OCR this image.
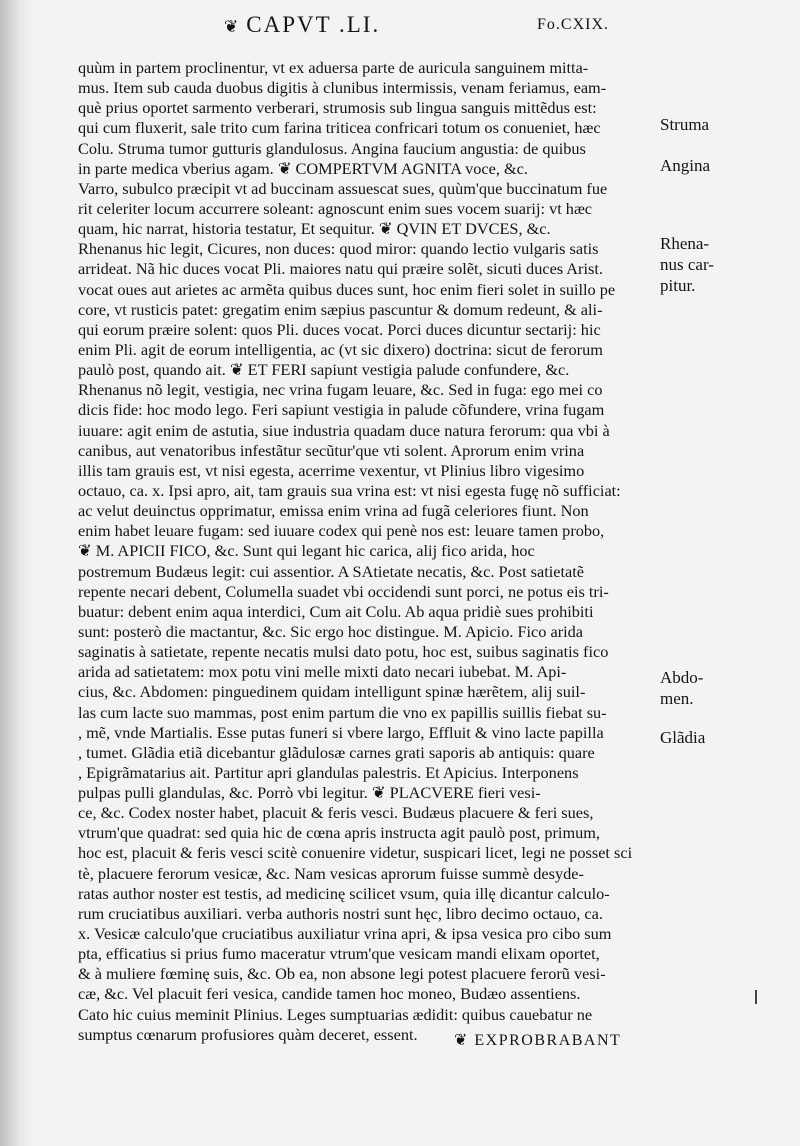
❦ CAPVT .LI.	Fo.CXIX.
quùm in partem proclinentur, vt ex aduersa parte de auricula sanguinem mitta-
mus. Item sub cauda duobus digitis à clunibus intermissis, venam feriamus, eam-
què prius oportet sarmento verberari, strumosis sub lingua sanguis mittẽdus est:
qui cum fluxerit, sale trito cum farina triticea confricari totum os conueniet, hæc
Colu. Struma tumor gutturis glandulosus. Angina faucium angustia: de quibus
in parte medica vberius agam. ❦ COMPERTVM AGNITA voce, &c.
Varro, subulco præcipit vt ad buccinam assuescat sues, quùm'que buccinatum fue
rit celeriter locum accurrere soleant: agnoscunt enim sues vocem suarij: vt hæc
quam, hic narrat, historia testatur, Et sequitur. ❦ QVIN ET DVCES, &c.
Rhenanus hic legit, Cicures, non duces: quod miror: quando lectio vulgaris satis
arrideat. Nã hic duces vocat Pli. maiores natu qui præire solẽt, sicuti duces Arist.
vocat oues aut arietes ac armẽta quibus duces sunt, hoc enim fieri solet in suillo pe
core, vt rusticis patet: gregatim enim sæpius pascuntur & domum redeunt, & ali-
qui eorum præire solent: quos Pli. duces vocat. Porci duces dicuntur sectarij: hic
enim Pli. agit de eorum intelligentia, ac (vt sic dixero) doctrina: sicut de ferorum
paulò post, quando ait. ❦ ET FERI sapiunt vestigia palude confundere, &c.
Rhenanus nõ legit, vestigia, nec vrina fugam leuare, &c. Sed in fuga: ego mei co
dicis fide: hoc modo lego. Feri sapiunt vestigia in palude cõfundere, vrina fugam
iuuare: agit enim de astutia, siue industria quadam duce natura ferorum: qua vbi à
canibus, aut venatoribus infestãtur secũtur'que vti solent. Aprorum enim vrina
illis tam grauis est, vt nisi egesta, acerrime vexentur, vt Plinius libro vigesimo
octauo, ca. x. Ipsi apro, ait, tam grauis sua vrina est: vt nisi egesta fugę nõ sufficiat:
ac velut deuinctus opprimatur, emissa enim vrina ad fugã celeriores fiunt. Non
enim habet leuare fugam: sed iuuare codex qui penè nos est: leuare tamen probo,
❦ M. APICII FICO, &c. Sunt qui legant hic carica, alij fico arida, hoc
postremum Budæus legit: cui assentior. A SAtietate necatis, &c. Post satietatẽ
repente necari debent, Columella suadet vbi occidendi sunt porci, ne potus eis tri-
buatur: debent enim aqua interdici, Cum ait Colu. Ab aqua pridiè sues prohibiti
sunt: posterò die mactantur, &c. Sic ergo hoc distingue. M. Apicio. Fico arida
saginatis à satietate, repente necatis mulsi dato potu, hoc est, suibus saginatis fico
arida ad satietatem: mox potu vini melle mixti dato necari iubebat. M. Api-
cius, &c. Abdomen: pinguedinem quidam intelligunt spinæ hærẽtem, alij suil-
las cum lacte suo mammas, post enim partum die vno ex papillis suillis fiebat su-
, mẽ, vnde Martialis. Esse putas funeri si vbere largo, Effluit & vino lacte papilla
, tumet. Glãdia etiã dicebantur glãdulosæ carnes grati saporis ab antiquis: quare
, Epigrãmatarius ait. Partitur apri glandulas palestris. Et Apicius. Interponens
pulpas pulli glandulas, &c. Porrò vbi legitur. ❦ PLACVERE fieri vesi-
ce, &c. Codex noster habet, placuit & feris vesci. Budæus placuere & feri sues,
vtrum'que quadrat: sed quia hic de cœna apris instructa agit paulò post, primum,
hoc est, placuit & feris vesci scitè conuenire videtur, suspicari licet, legi ne posset sci
tè, placuere ferorum vesicæ, &c. Nam vesicas aprorum fuisse summè desyde-
ratas author noster est testis, ad medicinę scilicet vsum, quia illę dicantur calculo-
rum cruciatibus auxiliari. verba authoris nostri sunt hęc, libro decimo octauo, ca.
x. Vesicæ calculo'que cruciatibus auxiliatur vrina apri, & ipsa vesica pro cibo sum
pta, efficatius si prius fumo maceratur vtrum'que vesicam mandi elixam oportet,
& à muliere fœminę suis, &c. Ob ea, non absone legi potest placuere ferorũ vesi-
cæ, &c. Vel placuit feri vesica, candide tamen hoc moneo, Budæo assentiens.
Cato hic cuius meminit Plinius. Leges sumptuarias ædidit: quibus cauebatur ne
sumptus cœnarum profusiores quàm deceret, essent.
Struma
Angina
Rhena-
nus car-
pitur.
Abdo-
men.
Glãdia
❦ EXPROBRABANT
